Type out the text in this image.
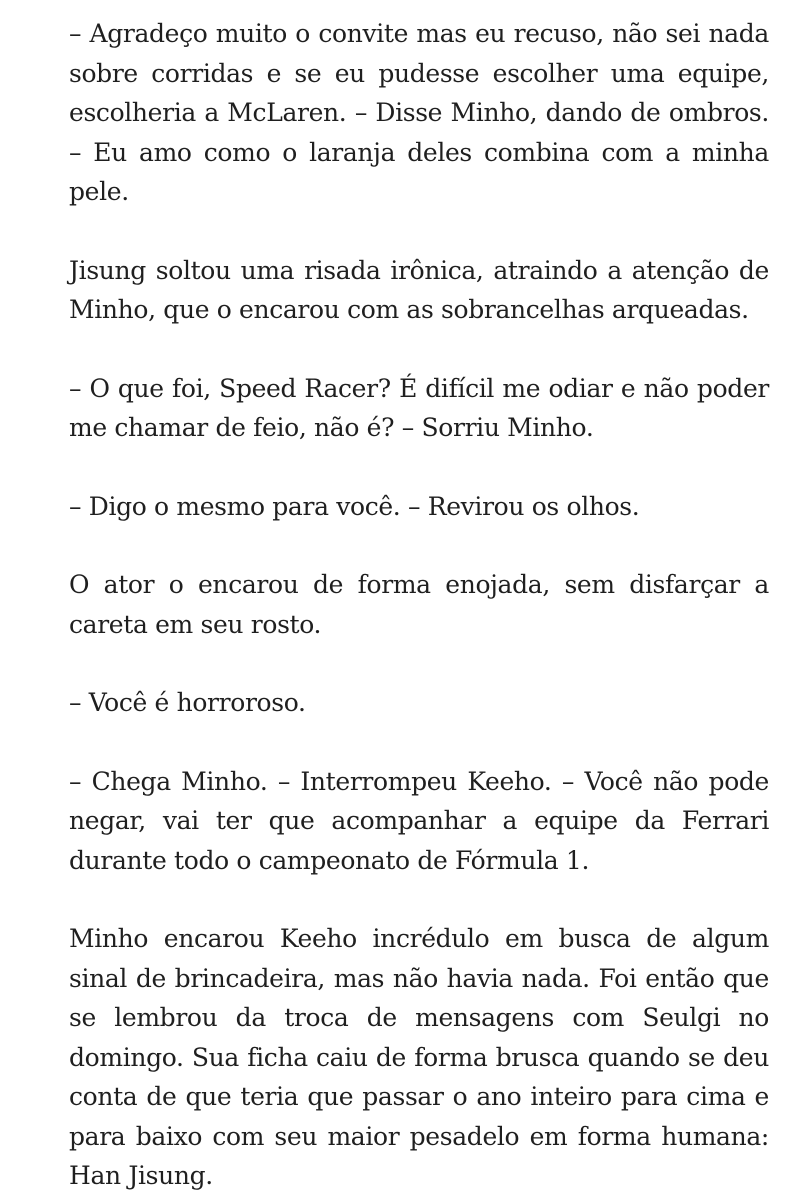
– Agradeço muito o convite mas eu recuso, não sei nada sobre corridas e se eu pudesse escolher uma equipe, escolheria a McLaren. – Disse Minho, dando de ombros. – Eu amo como o laranja deles combina com a minha pele.

Jisung soltou uma risada irônica, atraindo a atenção de Minho, que o encarou com as sobrancelhas arqueadas.

– O que foi, Speed Racer? É difícil me odiar e não poder me chamar de feio, não é? – Sorriu Minho.

– Digo o mesmo para você. – Revirou os olhos.

O ator o encarou de forma enojada, sem disfarçar a careta em seu rosto.

– Você é horroroso.

– Chega Minho. – Interrompeu Keeho. – Você não pode negar, vai ter que acompanhar a equipe da Ferrari durante todo o campeonato de Fórmula 1.

Minho encarou Keeho incrédulo em busca de algum sinal de brincadeira, mas não havia nada. Foi então que se lembrou da troca de mensagens com Seulgi no domingo. Sua ficha caiu de forma brusca quando se deu conta de que teria que passar o ano inteiro para cima e para baixo com seu maior pesadelo em forma humana: Han Jisung.
